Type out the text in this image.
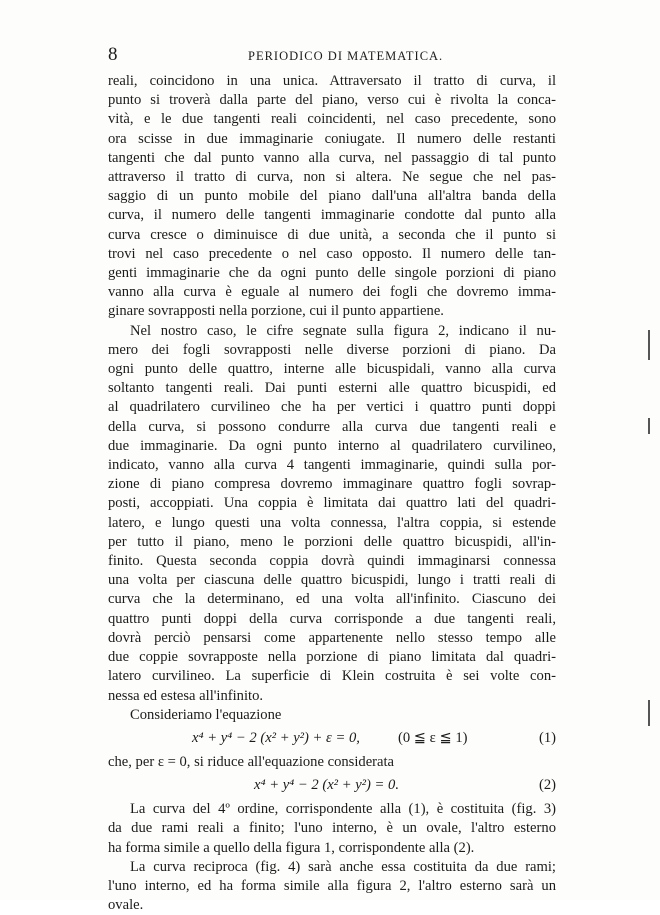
8	PERIODICO DI MATEMATICA.
reali, coincidono in una unica. Attraversato il tratto di curva, il
punto si troverà dalla parte del piano, verso cui è rivolta la conca-
vità, e le due tangenti reali coincidenti, nel caso precedente, sono
ora scisse in due immaginarie coniugate. Il numero delle restanti
tangenti che dal punto vanno alla curva, nel passaggio di tal punto
attraverso il tratto di curva, non si altera. Ne segue che nel pas-
saggio di un punto mobile del piano dall'una all'altra banda della
curva, il numero delle tangenti immaginarie condotte dal punto alla
curva cresce o diminuisce di due unità, a seconda che il punto si
trovi nel caso precedente o nel caso opposto. Il numero delle tan-
genti immaginarie che da ogni punto delle singole porzioni di piano
vanno alla curva è eguale al numero dei fogli che dovremo imma-
ginare sovrapposti nella porzione, cui il punto appartiene.
Nel nostro caso, le cifre segnate sulla figura 2, indicano il nu-
mero dei fogli sovrapposti nelle diverse porzioni di piano. Da
ogni punto delle quattro, interne alle bicuspidali, vanno alla curva
soltanto tangenti reali. Dai punti esterni alle quattro bicuspidi, ed
al quadrilatero curvilineo che ha per vertici i quattro punti doppi
della curva, si possono condurre alla curva due tangenti reali e
due immaginarie. Da ogni punto interno al quadrilatero curvilineo,
indicato, vanno alla curva 4 tangenti immaginarie, quindi sulla por-
zione di piano compresa dovremo immaginare quattro fogli sovrap-
posti, accoppiati. Una coppia è limitata dai quattro lati del quadri-
latero, e lungo questi una volta connessa, l'altra coppia, si estende
per tutto il piano, meno le porzioni delle quattro bicuspidi, all'in-
finito. Questa seconda coppia dovrà quindi immaginarsi connessa
una volta per ciascuna delle quattro bicuspidi, lungo i tratti reali di
curva che la determinano, ed una volta all'infinito. Ciascuno dei
quattro punti doppi della curva corrisponde a due tangenti reali,
dovrà perciò pensarsi come appartenente nello stesso tempo alle
due coppie sovrapposte nella porzione di piano limitata dal quadri-
latero curvilineo. La superficie di Klein costruita è sei volte con-
nessa ed estesa all'infinito.
Consideriamo l'equazione
x⁴ + y⁴ − 2 (x² + y²) + ε = 0,	(0 ≦ ε ≦ 1)	(1)
che, per ε = 0, si riduce all'equazione considerata
x⁴ + y⁴ − 2 (x² + y²) = 0.	(2)
La curva del 4º ordine, corrispondente alla (1), è costituita (fig. 3)
da due rami reali a finito; l'uno interno, è un ovale, l'altro esterno
ha forma simile a quello della figura 1, corrispondente alla (2).
La curva reciproca (fig. 4) sarà anche essa costituita da due rami;
l'uno interno, ed ha forma simile alla figura 2, l'altro esterno sarà un
ovale.
